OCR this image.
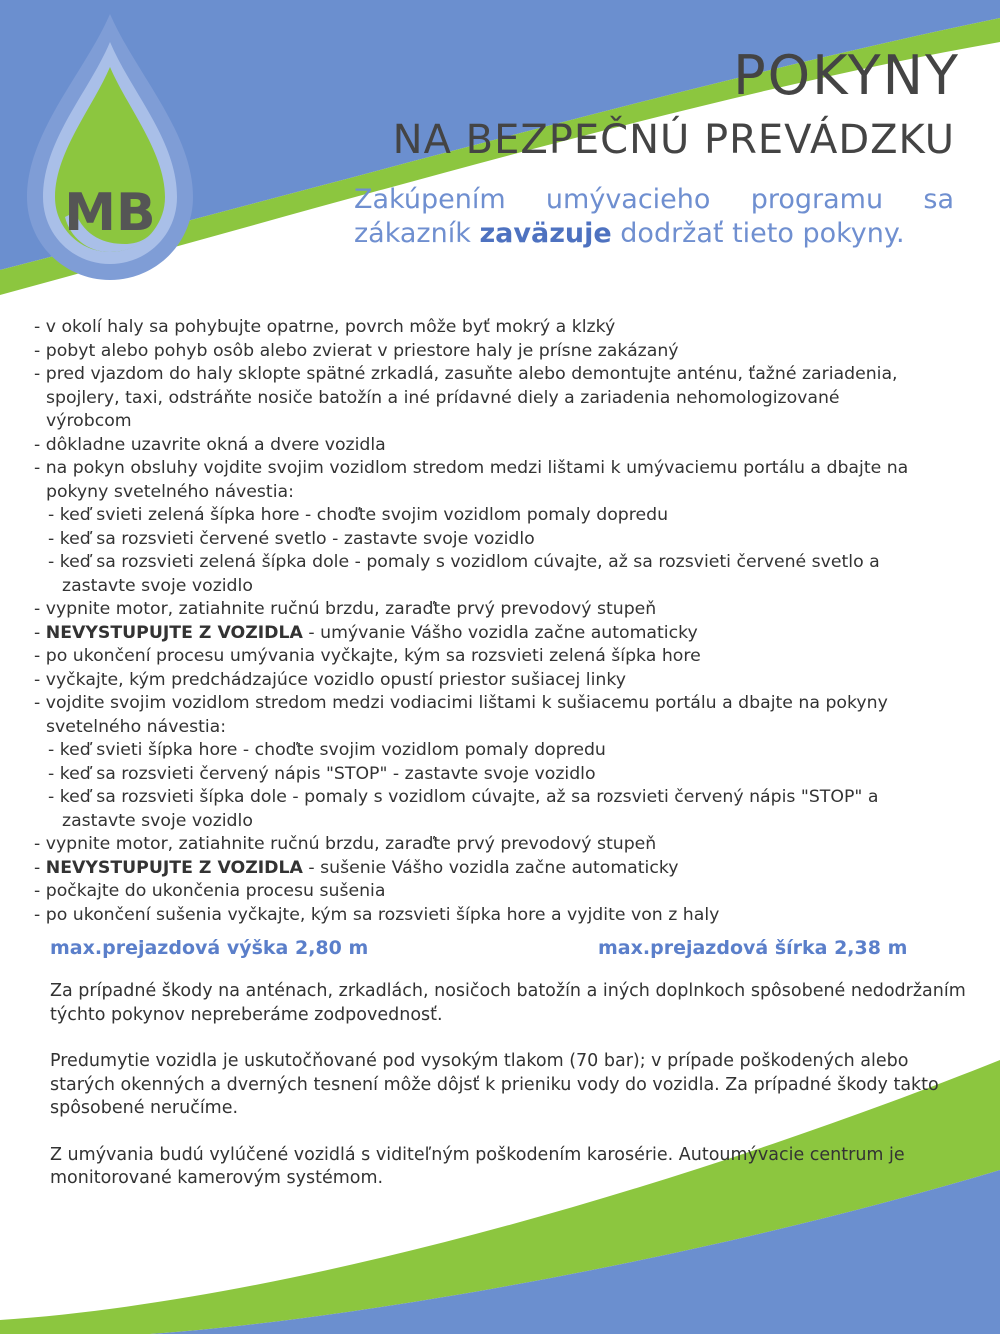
MB
POKYNY
NA BEZPEČNÚ PREVÁDZKU
Zakúpením umývacieho programu sa zákazník zaväzuje dodržať tieto pokyny.
- v okolí haly sa pohybujte opatrne, povrch môže byť mokrý a klzký
- pobyt alebo pohyb osôb alebo zvierat v priestore haly je prísne zakázaný
- pred vjazdom do haly sklopte spätné zrkadlá, zasuňte alebo demontujte anténu, ťažné zariadenia,
spojlery, taxi, odstráňte nosiče batožín a iné prídavné diely a zariadenia nehomologizované
výrobcom
- dôkladne uzavrite okná a dvere vozidla
- na pokyn obsluhy vojdite svojim vozidlom stredom medzi lištami k umývaciemu portálu a dbajte na
pokyny svetelného návestia:
- keď svieti zelená šípka hore - choďte svojim vozidlom pomaly dopredu
- keď sa rozsvieti červené svetlo - zastavte svoje vozidlo
- keď sa rozsvieti zelená šípka dole - pomaly s vozidlom cúvajte, až sa rozsvieti červené svetlo a
zastavte svoje vozidlo
- vypnite motor, zatiahnite ručnú brzdu, zaraďte prvý prevodový stupeň
- NEVYSTUPUJTE Z VOZIDLA - umývanie Vášho vozidla začne automaticky
- po ukončení procesu umývania vyčkajte, kým sa rozsvieti zelená šípka hore
- vyčkajte, kým predchádzajúce vozidlo opustí priestor sušiacej linky
- vojdite svojim vozidlom stredom medzi vodiacimi lištami k sušiacemu portálu a dbajte na pokyny
svetelného návestia:
- keď svieti šípka hore - choďte svojim vozidlom pomaly dopredu
- keď sa rozsvieti červený nápis "STOP" - zastavte svoje vozidlo
- keď sa rozsvieti šípka dole - pomaly s vozidlom cúvajte, až sa rozsvieti červený nápis "STOP" a
zastavte svoje vozidlo
- vypnite motor, zatiahnite ručnú brzdu, zaraďte prvý prevodový stupeň
- NEVYSTUPUJTE Z VOZIDLA - sušenie Vášho vozidla začne automaticky
- počkajte do ukončenia procesu sušenia
- po ukončení sušenia vyčkajte, kým sa rozsvieti šípka hore a vyjdite von z haly
max.prejazdová výška 2,80 m	max.prejazdová šírka 2,38 m

Za prípadné škody na anténach, zrkadlách, nosičoch batožín a iných doplnkoch spôsobené nedodržaním týchto pokynov nepreberáme zodpovednosť.

Predumytie vozidla je uskutočňované pod vysokým tlakom (70 bar); v prípade poškodených alebo starých okenných a dverných tesnení môže dôjsť k prieniku vody do vozidla. Za prípadné škody takto spôsobené neručíme.

Z umývania budú vylúčené vozidlá s viditeľným poškodením karosérie. Autoumývacie centrum je monitorované kamerovým systémom.
